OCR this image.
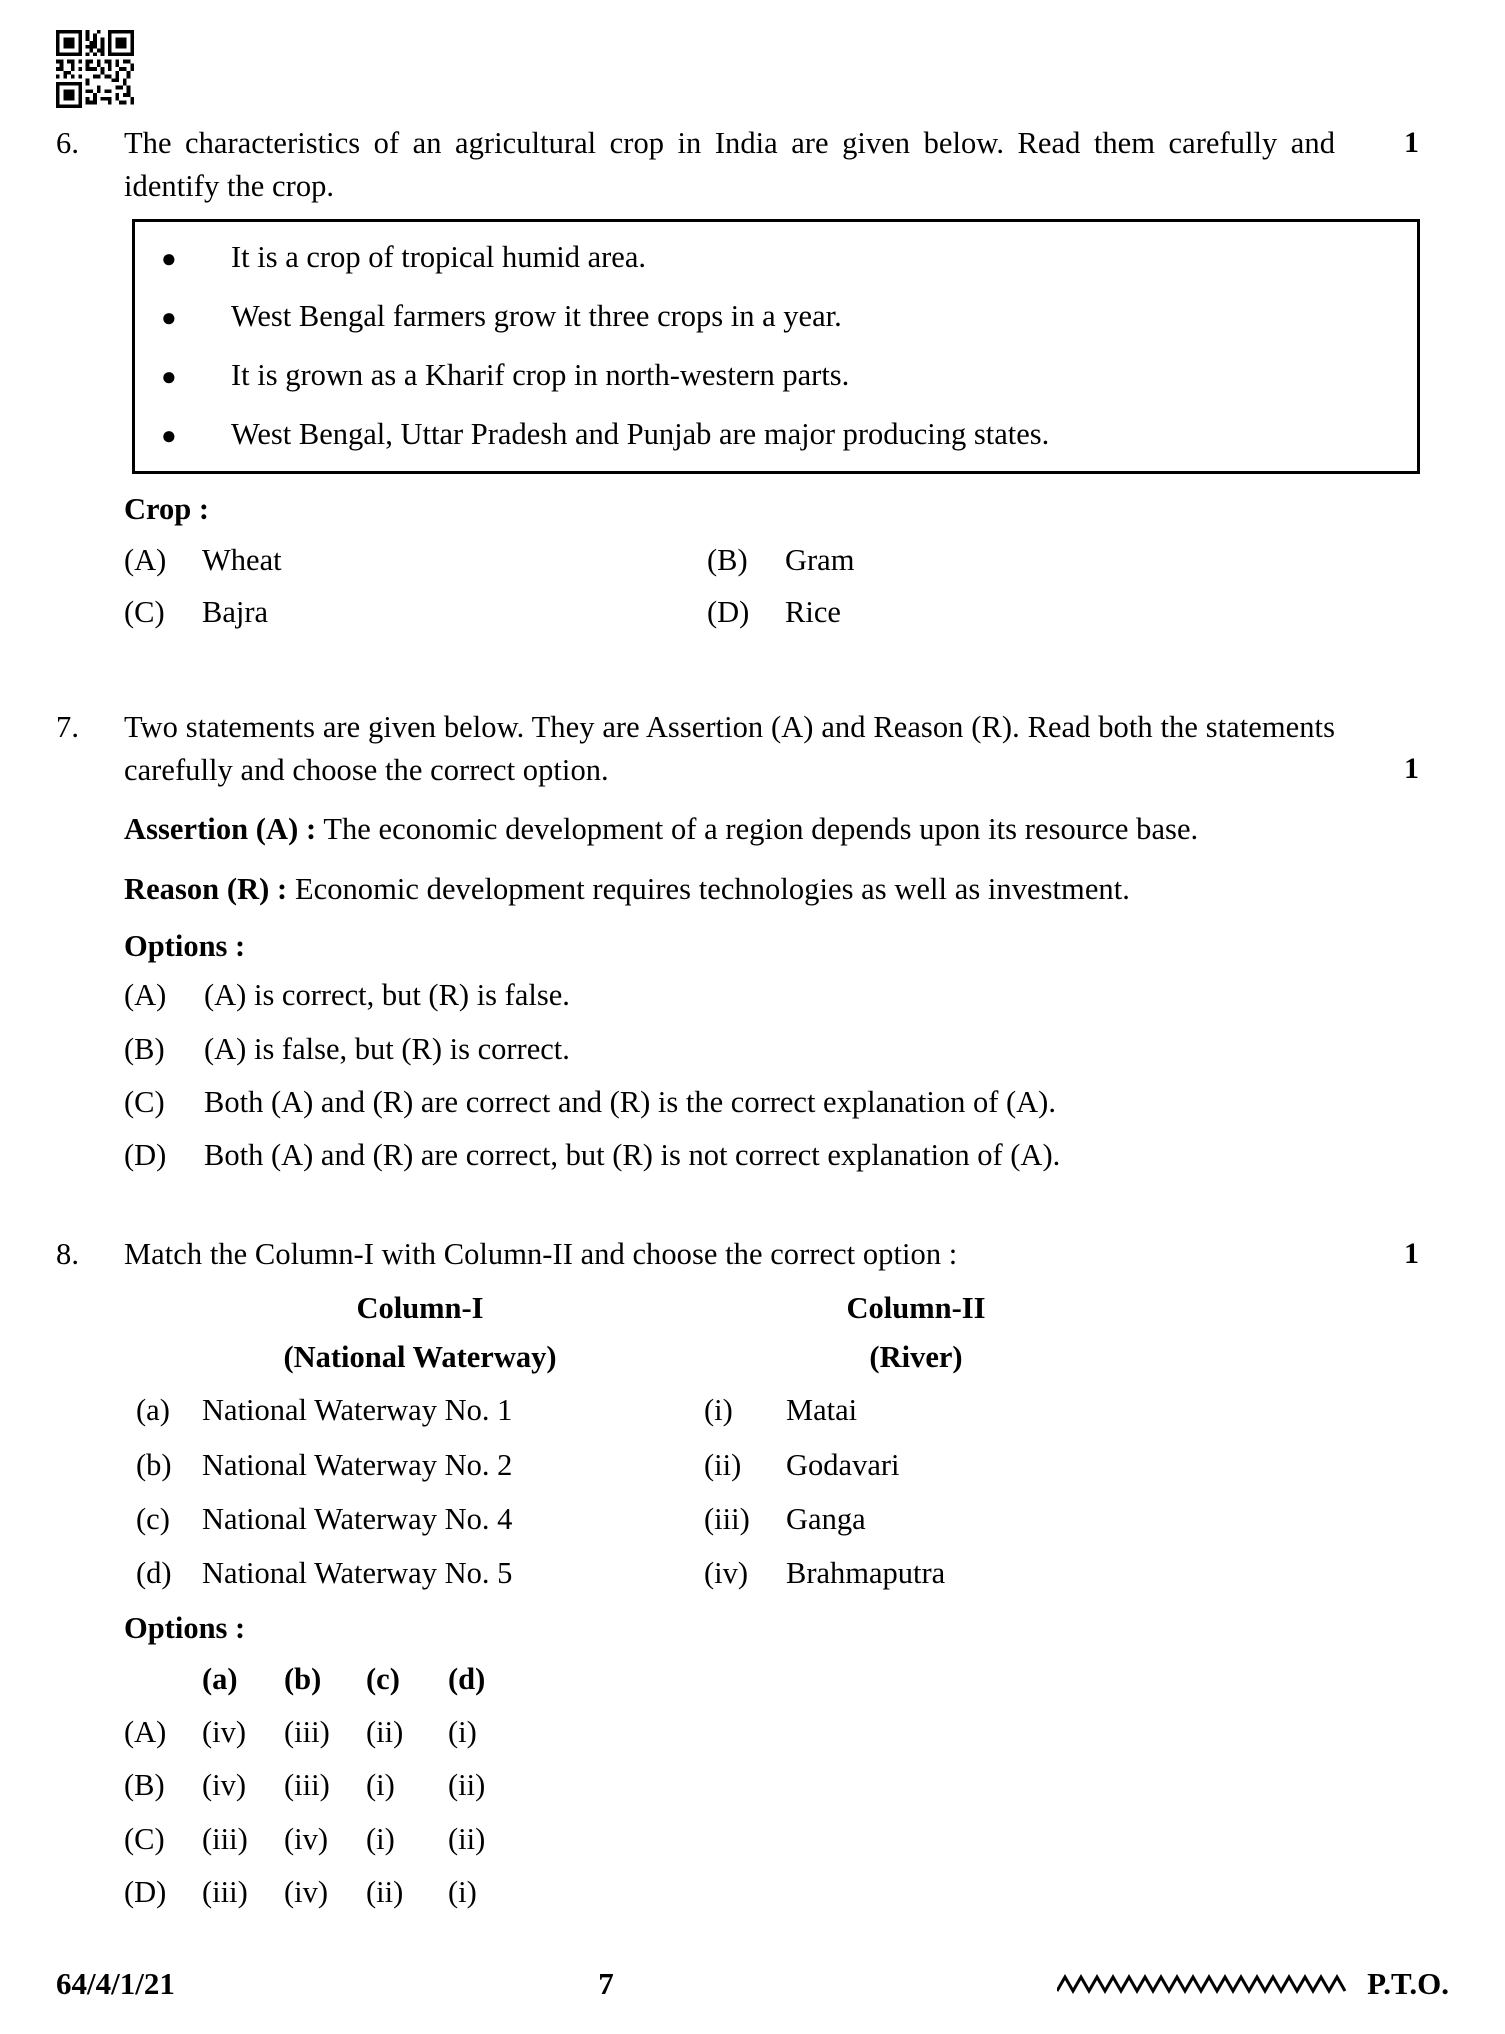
1
6.	The characteristics of an agricultural crop in India are given below. Read them carefully and identify the crop.

●	It is a crop of tropical humid area.
●	West Bengal farmers grow it three crops in a year.
●	It is grown as a Kharif crop in north-western parts.
●	West Bengal, Uttar Pradesh and Punjab are major producing states.
Crop :
(A)	Wheat	(B)	Gram
(C)	Bajra	(D)	Rice
1
7.	Two statements are given below. They are Assertion (A) and Reason (R). Read both the statements carefully and choose the correct option.

Assertion (A) : The economic development of a region depends upon its resource base.

Reason (R) : Economic development requires technologies as well as investment.

Options :
(A)	(A) is correct, but (R) is false.
(B)	(A) is false, but (R) is correct.
(C)	Both (A) and (R) are correct and (R) is the correct explanation of (A).
(D)	Both (A) and (R) are correct, but (R) is not correct explanation of (A).
1
8.	Match the Column-I with Column-II and choose the correct option :

Column-I	Column-II
(National Waterway)	(River)
(a)	National Waterway No. 1	(i)	Matai
(b) National Waterway No. 2	(ii)	Godavari
(c)	National Waterway No. 4	(iii)	Ganga
(d) National Waterway No. 5	(iv)	Brahmaputra
Options :
(a)	(b)	(c)	(d)
(A)	(iv)	(iii)	(ii)	(i)
(B)	(iv)	(iii)	(i)	(ii)
(C)	(iii)	(iv)	(i)	(ii)
(D)	(iii)	(iv)	(ii)	(i)
64/4/1/21	7	P.T.O.
